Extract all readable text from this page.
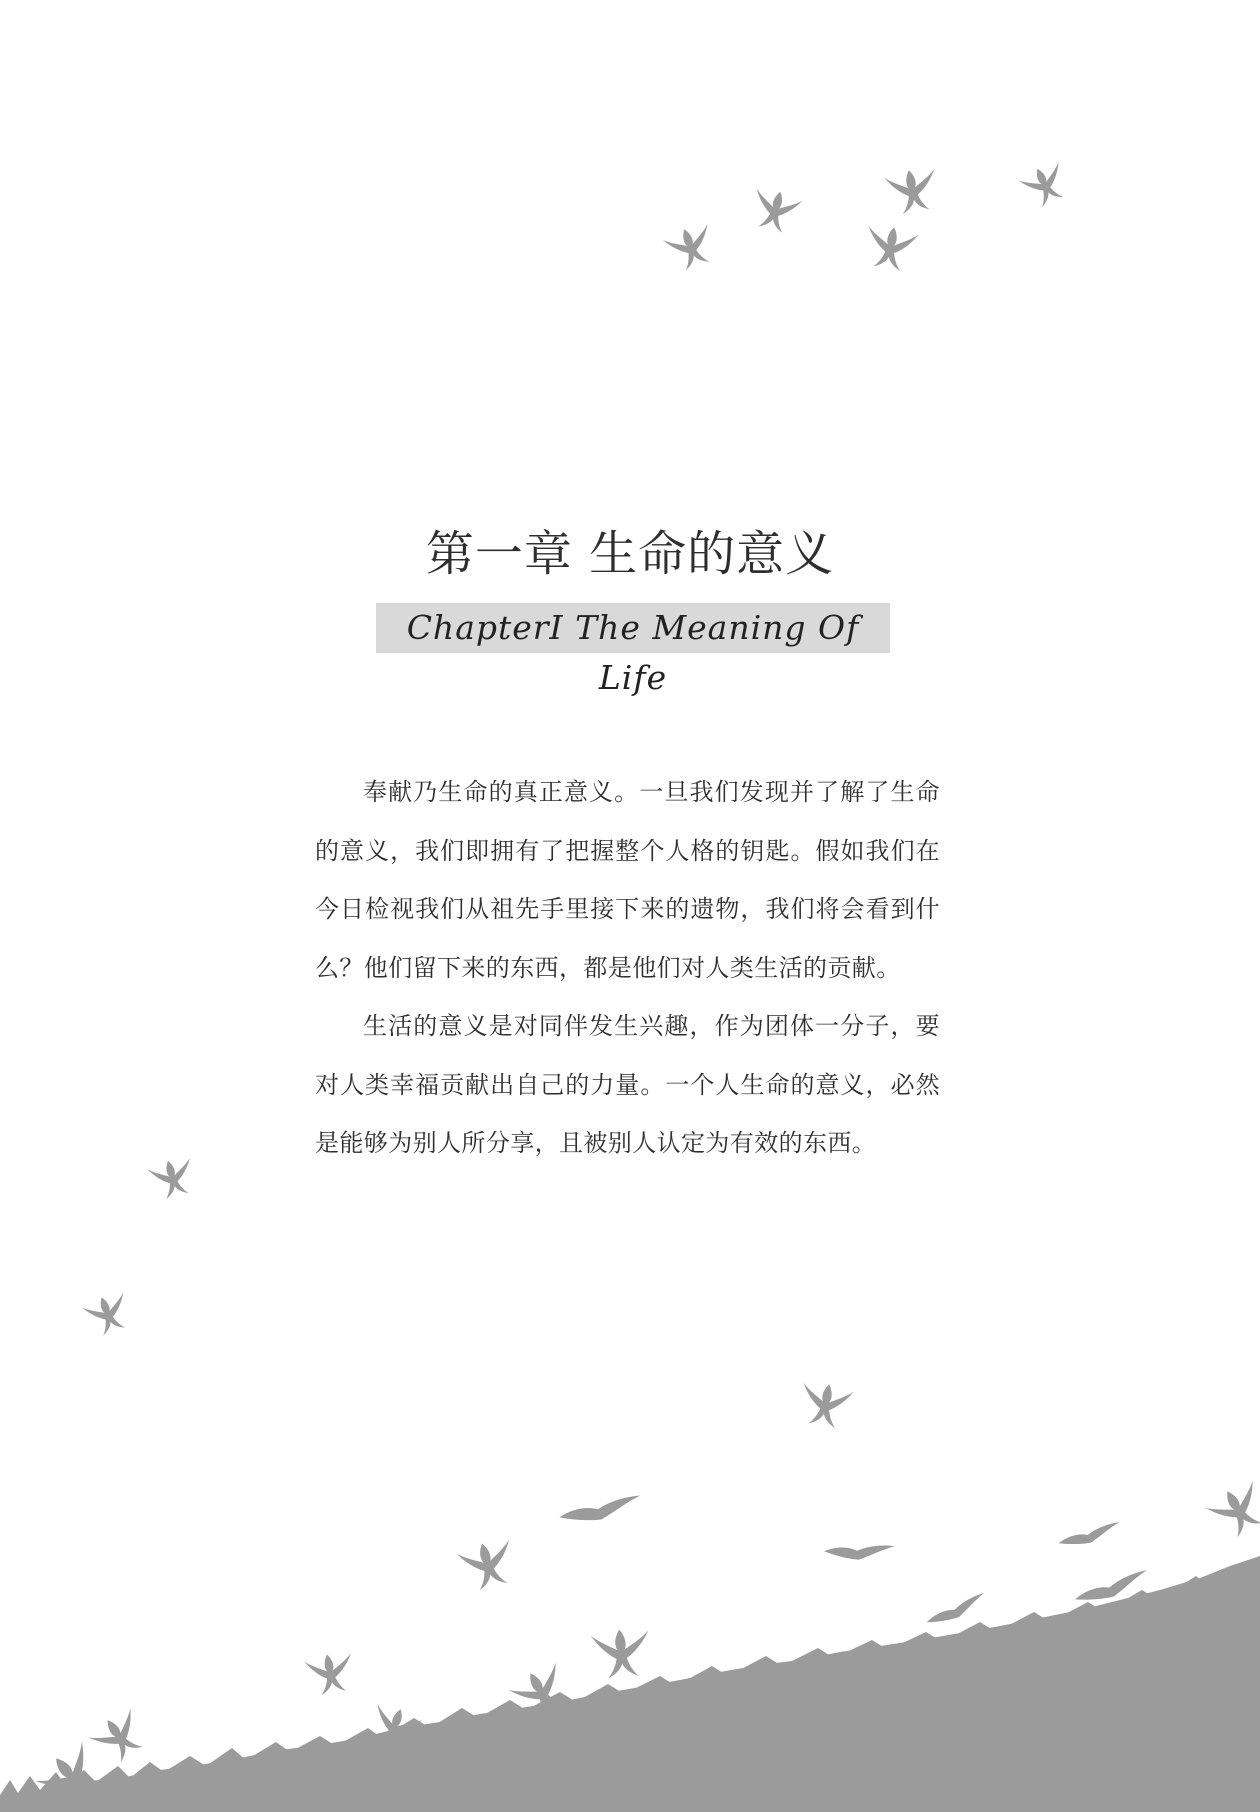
第一章 生命的意义
ChapterI The Meaning Of Life

奉献乃生命的真正意义。一旦我们发现并了解了生命的意义，我们即拥有了把握整个人格的钥匙。假如我们在今日检视我们从祖先手里接下来的遗物，我们将会看到什么？他们留下来的东西，都是他们对人类生活的贡献。

生活的意义是对同伴发生兴趣，作为团体一分子，要对人类幸福贡献出自己的力量。一个人生命的意义，必然是能够为别人所分享，且被别人认定为有效的东西。
